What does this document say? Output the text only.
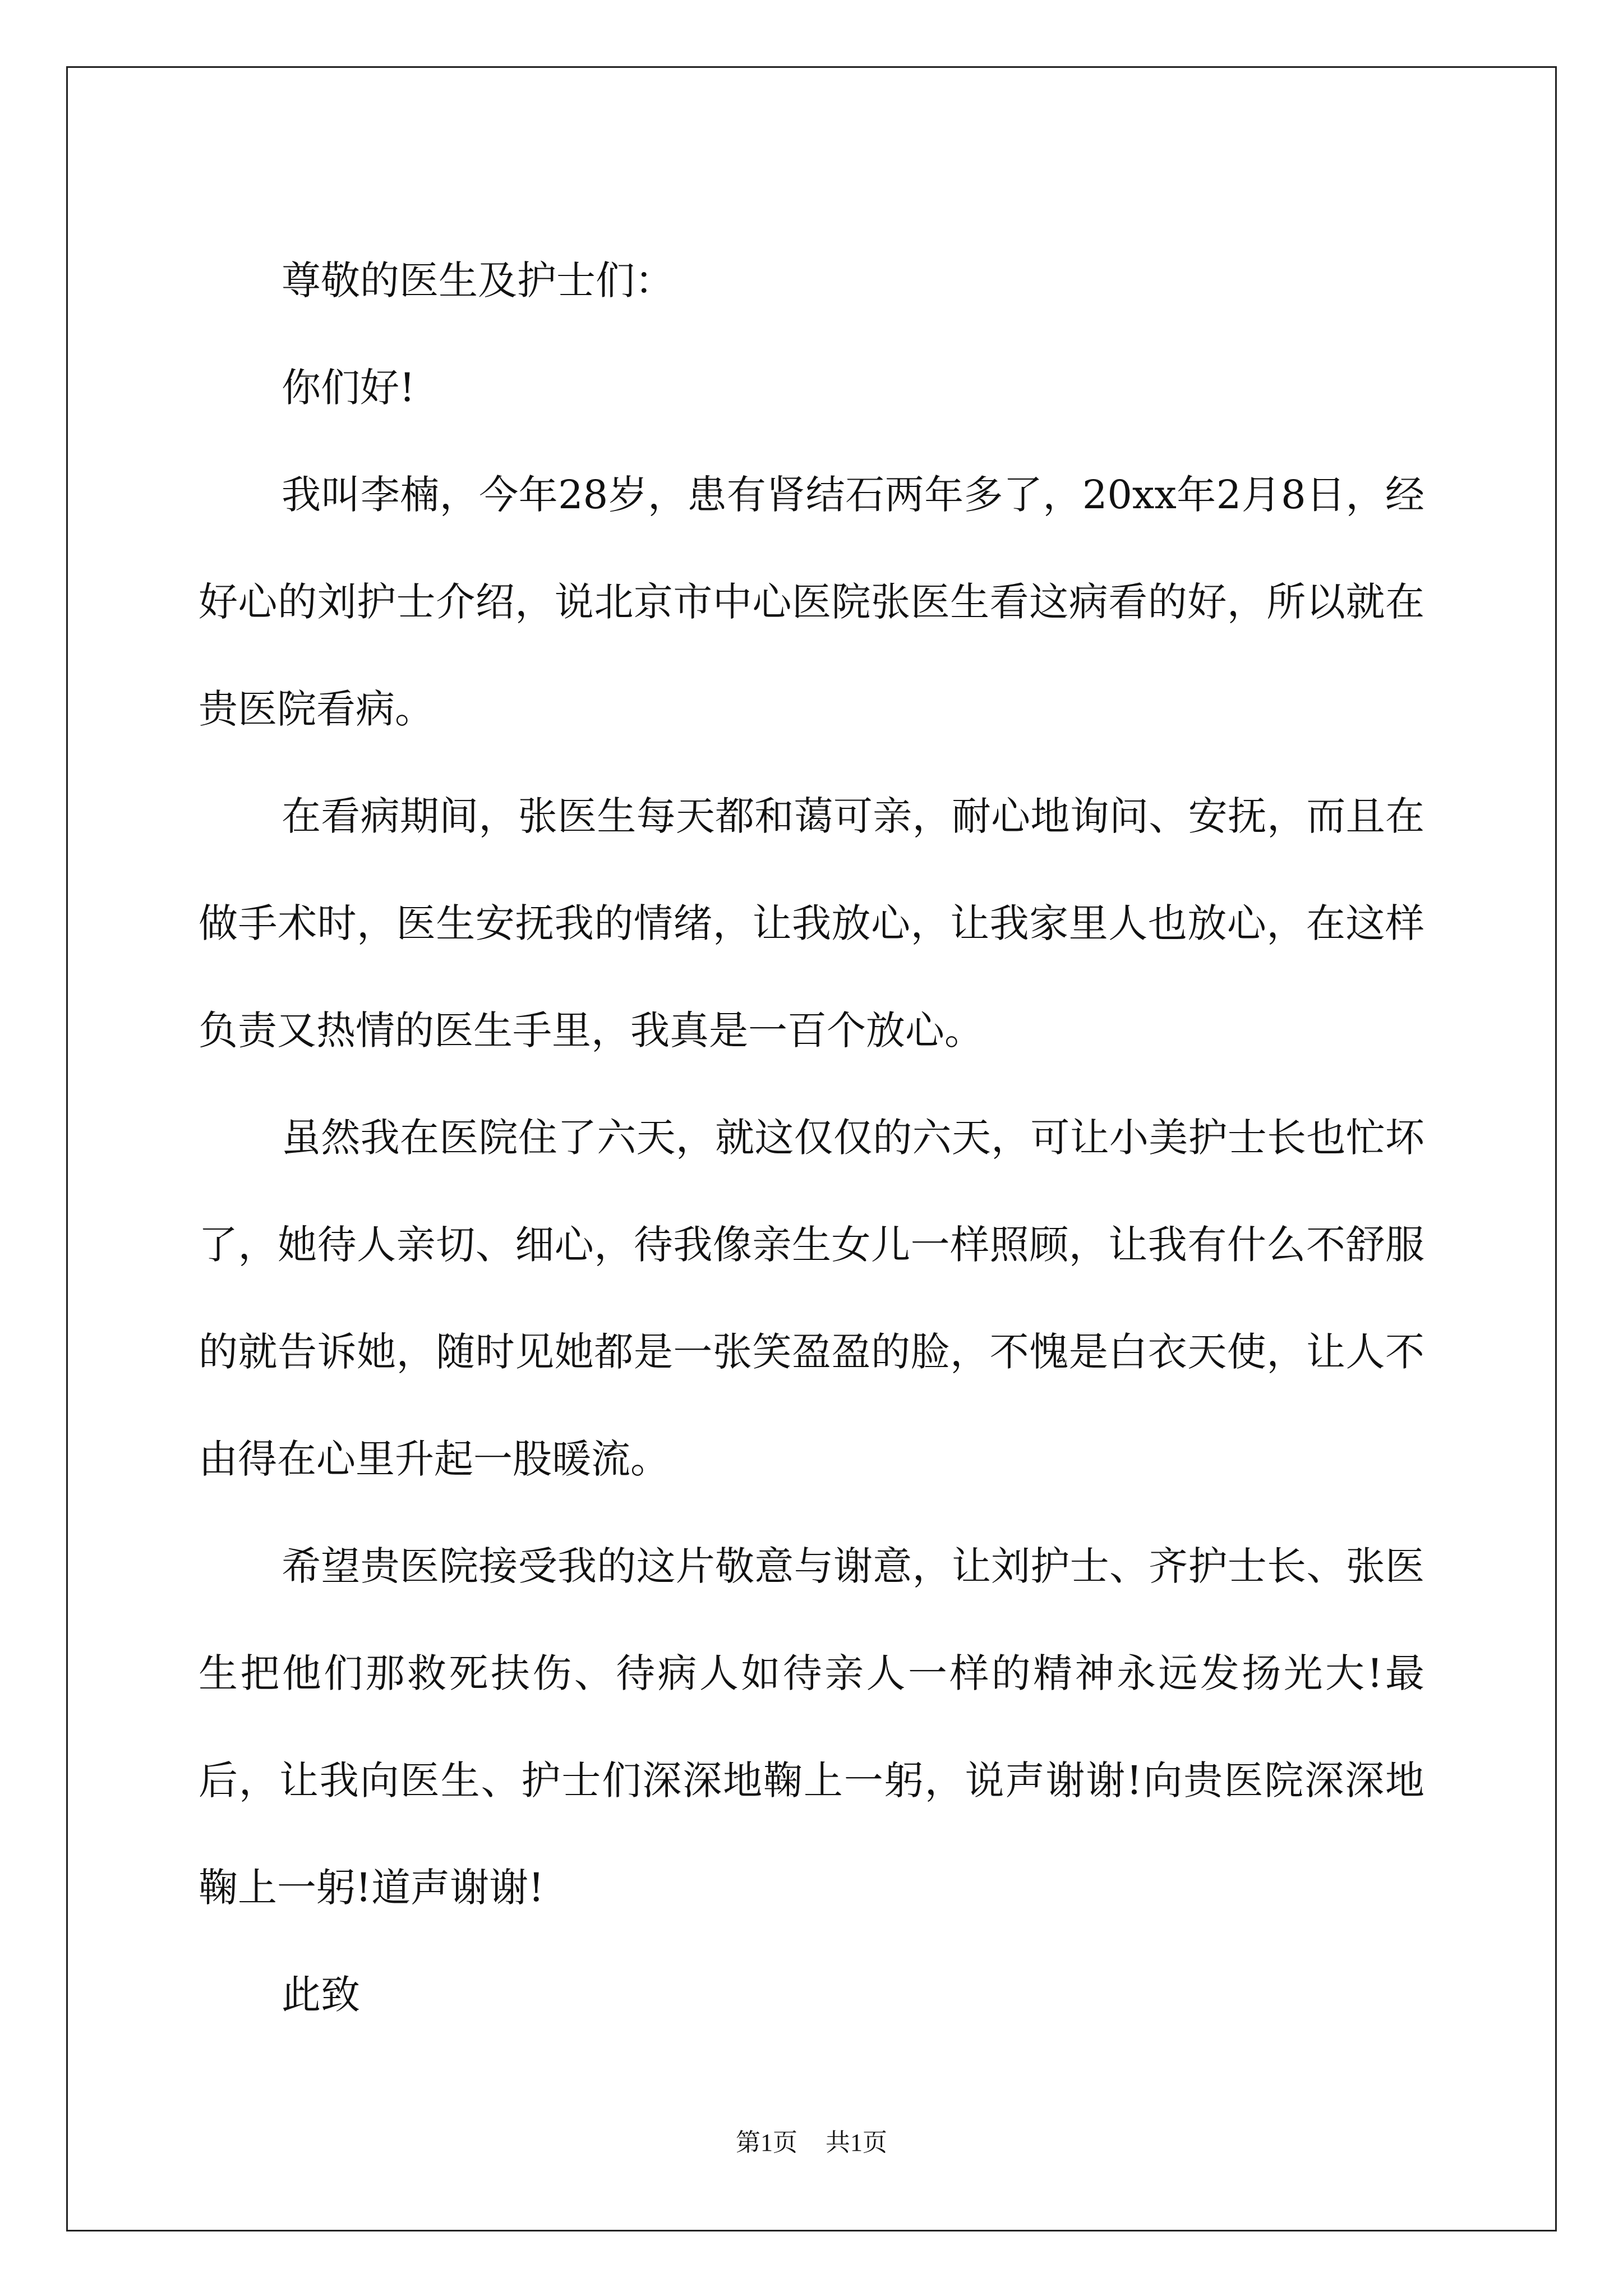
尊敬的医生及护士们：

你们好!

我叫李楠，今年28岁，患有肾结石两年多了，20xx年2月8日，经好心的刘护士介绍，说北京市中心医院张医生看这病看的好，所以就在贵医院看病。

在看病期间，张医生每天都和蔼可亲，耐心地询问、安抚，而且在做手术时，医生安抚我的情绪，让我放心，让我家里人也放心，在这样负责又热情的医生手里，我真是一百个放心。

虽然我在医院住了六天，就这仅仅的六天，可让小美护士长也忙坏了，她待人亲切、细心，待我像亲生女儿一样照顾，让我有什么不舒服的就告诉她，随时见她都是一张笑盈盈的脸，不愧是白衣天使，让人不由得在心里升起一股暖流。

希望贵医院接受我的这片敬意与谢意，让刘护士、齐护士长、张医生把他们那救死扶伤、待病人如待亲人一样的精神永远发扬光大!最后，让我向医生、护士们深深地鞠上一躬，说声谢谢!向贵医院深深地鞠上一躬!道声谢谢!

此致

第1页 共1页
